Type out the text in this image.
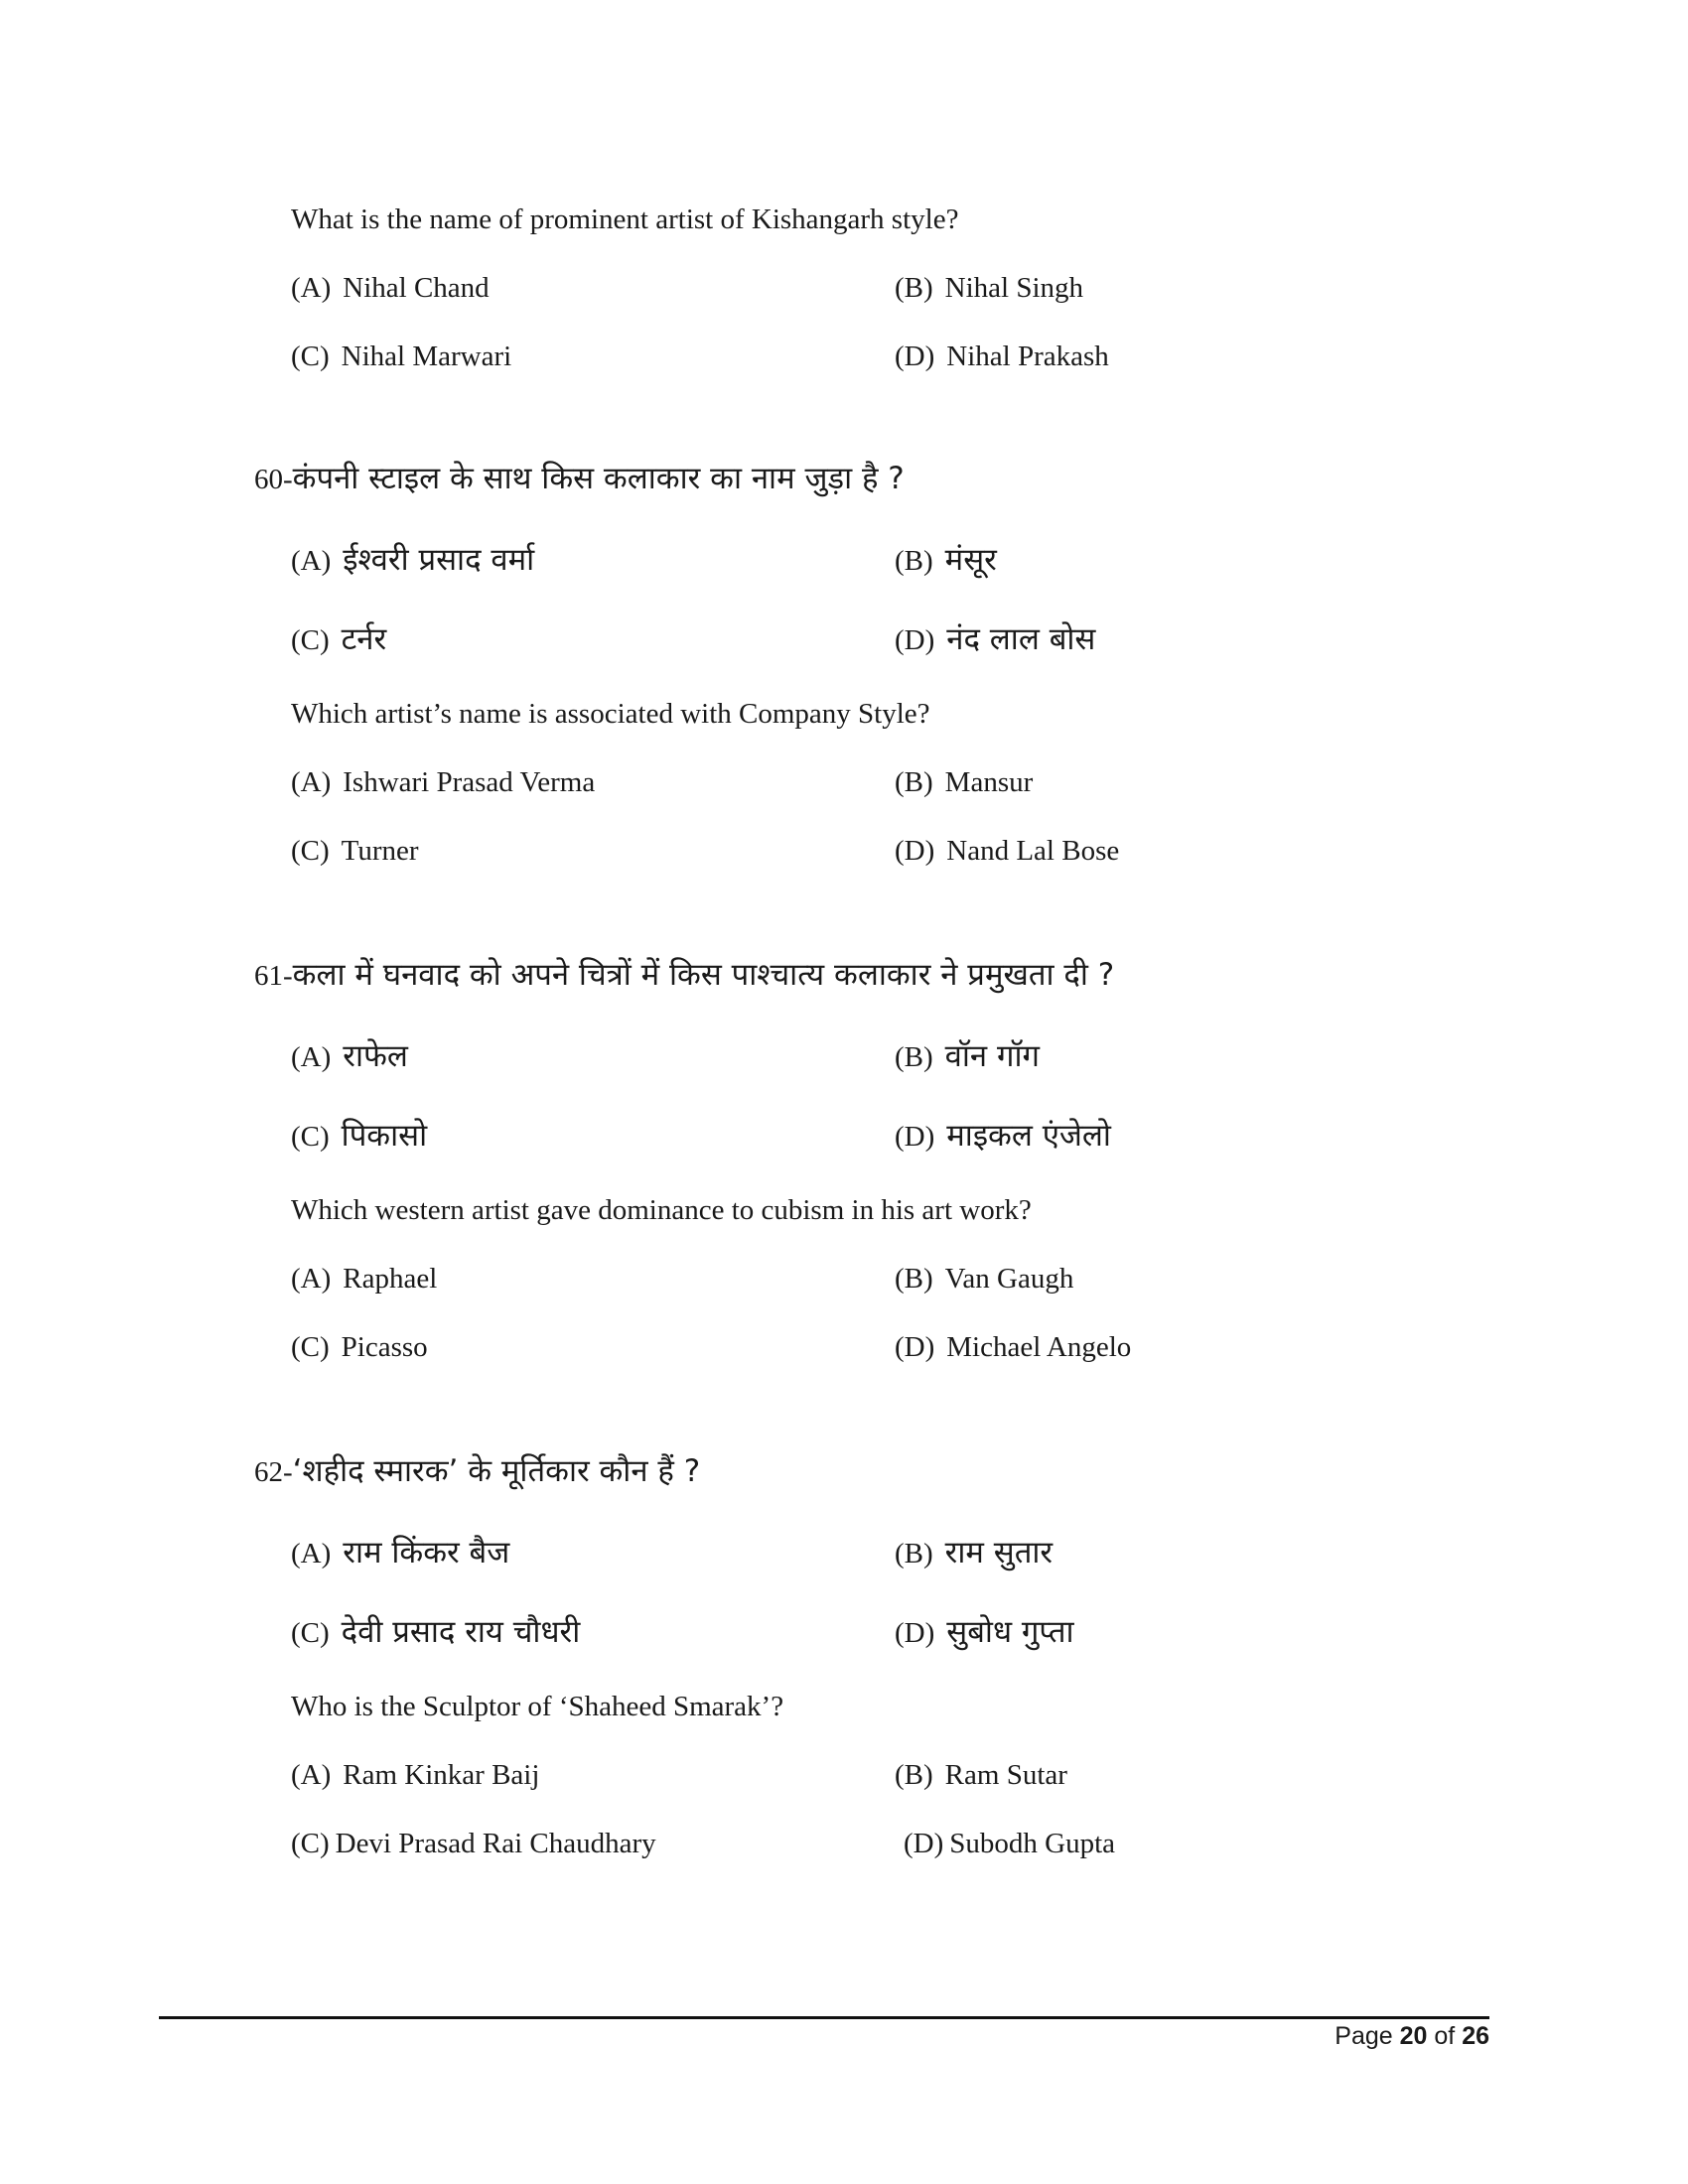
What is the name of prominent artist of Kishangarh style?
(A) Nihal Chand	(B) Nihal Singh
(C) Nihal Marwari	(D) Nihal Prakash
60-कंपनी स्टाइल के साथ किस कलाकार का नाम जुड़ा है ?
(A) ईश्वरी प्रसाद वर्मा	(B) मंसूर
(C) टर्नर	(D) नंद लाल बोस
Which artist’s name is associated with Company Style?
(A) Ishwari Prasad Verma	(B) Mansur
(C) Turner	(D) Nand Lal Bose
61-कला में घनवाद को अपने चित्रों में किस पाश्चात्य कलाकार ने प्रमुखता दी ?
(A) राफेल	(B) वॉन गॉग
(C) पिकासो	(D) माइकल एंजेलो
Which western artist gave dominance to cubism in his art work?
(A) Raphael	(B) Van Gaugh
(C) Picasso	(D) Michael Angelo
62-‘शहीद स्मारक’ के मूर्तिकार कौन हैं ?
(A) राम किंकर बैज	(B) राम सुतार
(C) देवी प्रसाद राय चौधरी	(D) सुबोध गुप्ता
Who is the Sculptor of ‘Shaheed Smarak’?
(A) Ram Kinkar Baij	(B) Ram Sutar
(C) Devi Prasad Rai Chaudhary	(D) Subodh Gupta
Page 20 of 26
